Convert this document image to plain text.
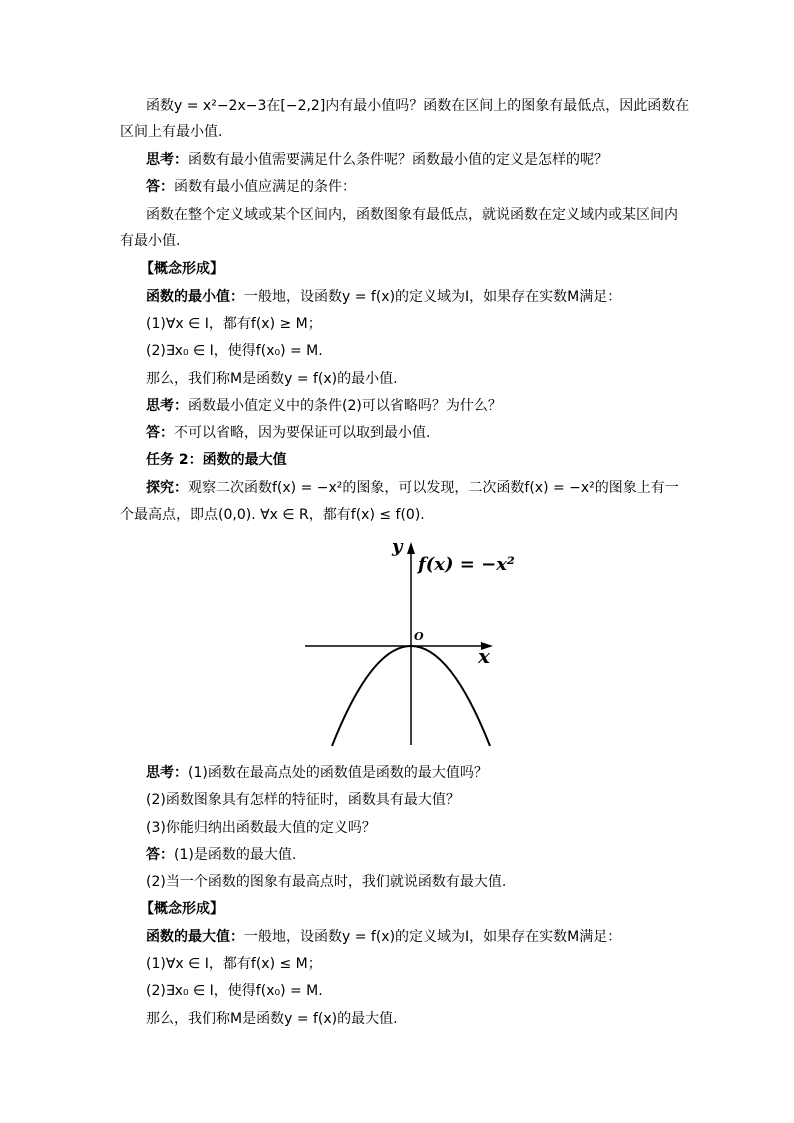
函数y = x²−2x−3在[−2,2]内有最小值吗？函数在区间上的图象有最低点，因此函数在
区间上有最小值.
思考：函数有最小值需要满足什么条件呢？函数最小值的定义是怎样的呢？
答：函数有最小值应满足的条件：
函数在整个定义域或某个区间内，函数图象有最低点，就说函数在定义域内或某区间内
有最小值.
【概念形成】
函数的最小值：一般地，设函数y = f(x)的定义域为I，如果存在实数M满足：
(1)∀x ∈ I，都有f(x) ≥ M；
(2)∃x₀ ∈ I，使得f(x₀) = M.
那么，我们称M是函数y = f(x)的最小值.
思考：函数最小值定义中的条件(2)可以省略吗？为什么？
答：不可以省略，因为要保证可以取到最小值.
任务 2：函数的最大值
探究：观察二次函数f(x) = −x²的图象，可以发现，二次函数f(x) = −x²的图象上有一
个最高点，即点(0,0). ∀x ∈ R，都有f(x) ≤ f(0).
y
x
O
f(x) = −x²
思考：(1)函数在最高点处的函数值是函数的最大值吗？
(2)函数图象具有怎样的特征时，函数具有最大值？
(3)你能归纳出函数最大值的定义吗？
答：(1)是函数的最大值.
(2)当一个函数的图象有最高点时，我们就说函数有最大值.
【概念形成】
函数的最大值：一般地，设函数y = f(x)的定义域为I，如果存在实数M满足：
(1)∀x ∈ I，都有f(x) ≤ M；
(2)∃x₀ ∈ I，使得f(x₀) = M.
那么，我们称M是函数y = f(x)的最大值.
